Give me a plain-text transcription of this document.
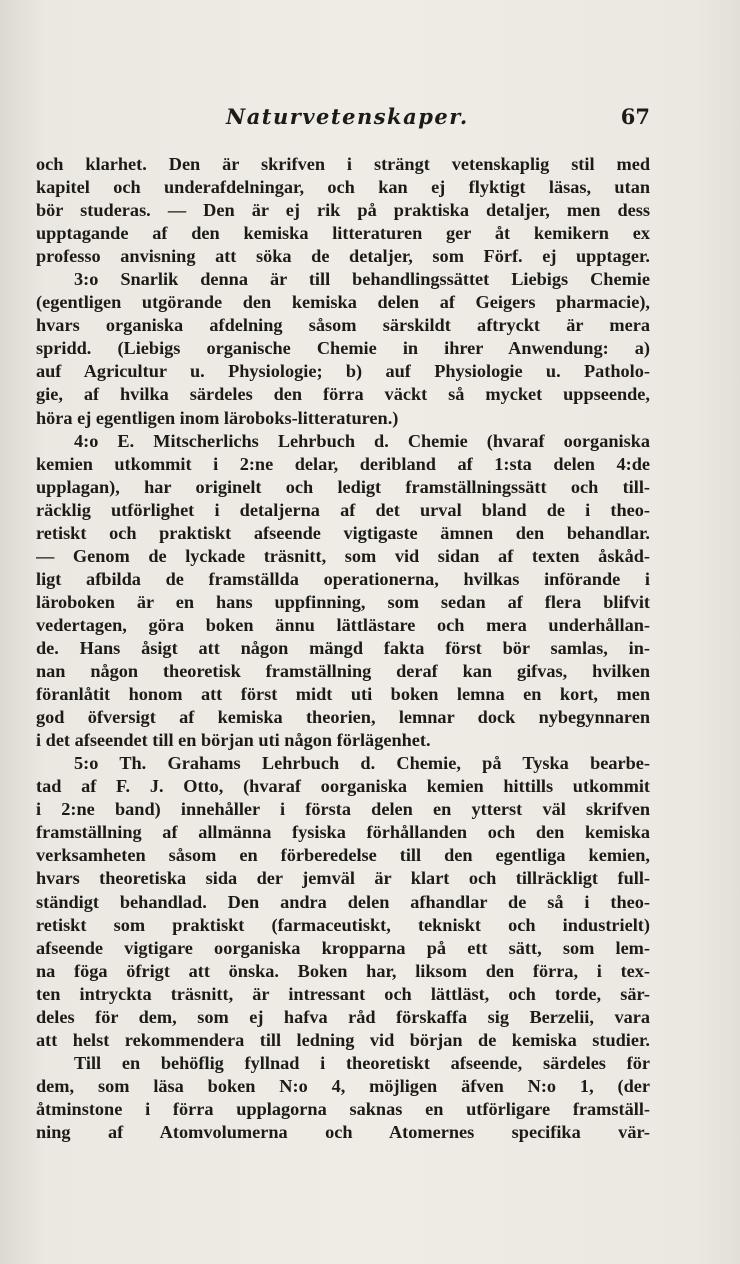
Naturvetenskaper.	67
och klarhet. Den är skrifven i strängt vetenskaplig stil med
kapitel och underafdelningar, och kan ej flyktigt läsas, utan
bör studeras. — Den är ej rik på praktiska detaljer, men dess
upptagande af den kemiska litteraturen ger åt kemikern ex
professo anvisning att söka de detaljer, som Förf. ej upptager.
3:o Snarlik denna är till behandlingssättet Liebigs Chemie
(egentligen utgörande den kemiska delen af Geigers pharmacie),
hvars organiska afdelning såsom särskildt aftryckt är mera
spridd. (Liebigs organische Chemie in ihrer Anwendung: a)
auf Agricultur u. Physiologie; b) auf Physiologie u. Patholo-
gie, af hvilka särdeles den förra väckt så mycket uppseende,
höra ej egentligen inom läroboks-litteraturen.)
4:o E. Mitscherlichs Lehrbuch d. Chemie (hvaraf oorganiska
kemien utkommit i 2:ne delar, deribland af 1:sta delen 4:de
upplagan), har originelt och ledigt framställningssätt och till-
räcklig utförlighet i detaljerna af det urval bland de i theo-
retiskt och praktiskt afseende vigtigaste ämnen den behandlar.
— Genom de lyckade träsnitt, som vid sidan af texten åskåd-
ligt afbilda de framställda operationerna, hvilkas införande i
läroboken är en hans uppfinning, som sedan af flera blifvit
vedertagen, göra boken ännu lättlästare och mera underhållan-
de. Hans åsigt att någon mängd fakta först bör samlas, in-
nan någon theoretisk framställning deraf kan gifvas, hvilken
föranlåtit honom att först midt uti boken lemna en kort, men
god öfversigt af kemiska theorien, lemnar dock nybegynnaren
i det afseendet till en början uti någon förlägenhet.
5:o Th. Grahams Lehrbuch d. Chemie, på Tyska bearbe-
tad af F. J. Otto, (hvaraf oorganiska kemien hittills utkommit
i 2:ne band) innehåller i första delen en ytterst väl skrifven
framställning af allmänna fysiska förhållanden och den kemiska
verksamheten såsom en förberedelse till den egentliga kemien,
hvars theoretiska sida der jemväl är klart och tillräckligt full-
ständigt behandlad. Den andra delen afhandlar de så i theo-
retiskt som praktiskt (farmaceutiskt, tekniskt och industrielt)
afseende vigtigare oorganiska kropparna på ett sätt, som lem-
na föga öfrigt att önska. Boken har, liksom den förra, i tex-
ten intryckta träsnitt, är intressant och lättläst, och torde, sär-
deles för dem, som ej hafva råd förskaffa sig Berzelii, vara
att helst rekommendera till ledning vid början de kemiska studier.
Till en behöflig fyllnad i theoretiskt afseende, särdeles för
dem, som läsa boken N:o 4, möjligen äfven N:o 1, (der
åtminstone i förra upplagorna saknas en utförligare framställ-
ning af Atomvolumerna och Atomernes specifika vär-
